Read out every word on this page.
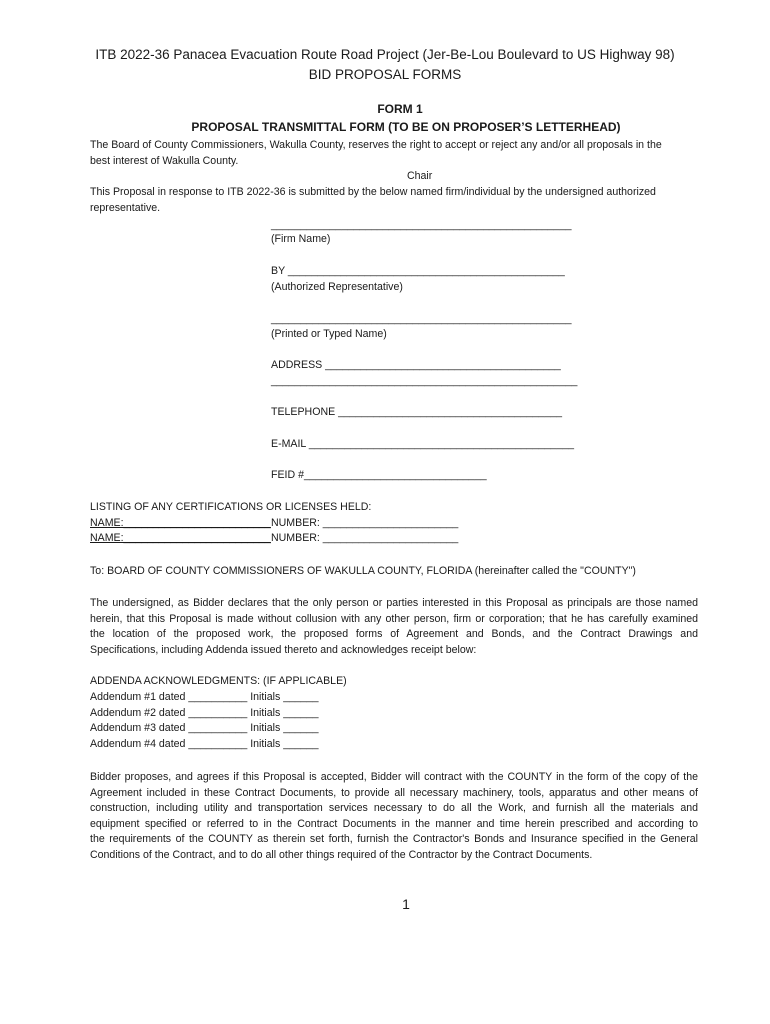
ITB 2022-36 Panacea Evacuation Route Road Project (Jer-Be-Lou Boulevard to US Highway 98)
BID PROPOSAL FORMS
FORM 1
PROPOSAL TRANSMITTAL FORM (TO BE ON PROPOSER’S LETTERHEAD)
The Board of County Commissioners, Wakulla County, reserves the right to accept or reject any and/or all proposals in the
best interest of Wakulla County.
Chair
This Proposal in response to ITB 2022-36 is submitted by the below named firm/individual by the undersigned authorized
representative.
___________________________________________________
(Firm Name)
BY _______________________________________________
(Authorized Representative)
___________________________________________________
(Printed or Typed Name)
ADDRESS ________________________________________
____________________________________________________
TELEPHONE ______________________________________
E-MAIL _____________________________________________
FEID #_______________________________
LISTING OF ANY CERTIFICATIONS OR LICENSES HELD:
NAME:_________________________ NUMBER: _______________________
NAME:_________________________ NUMBER: _______________________
To: BOARD OF COUNTY COMMISSIONERS OF WAKULLA COUNTY, FLORIDA (hereinafter called the "COUNTY")
The undersigned, as Bidder declares that the only person or parties interested in this Proposal as principals are those named
herein, that this Proposal is made without collusion with any other person, firm or corporation; that he has carefully examined
the location of the proposed work, the proposed forms of Agreement and Bonds, and the Contract Drawings and
Specifications, including Addenda issued thereto and acknowledges receipt below:
ADDENDA ACKNOWLEDGMENTS: (IF APPLICABLE)
Addendum #1 dated __________ Initials ______
Addendum #2 dated __________ Initials ______
Addendum #3 dated __________ Initials ______
Addendum #4 dated __________ Initials ______
Bidder proposes, and agrees if this Proposal is accepted, Bidder will contract with the COUNTY in the form of the copy of the
Agreement included in these Contract Documents, to provide all necessary machinery, tools, apparatus and other means of
construction, including utility and transportation services necessary to do all the Work, and furnish all the materials and
equipment specified or referred to in the Contract Documents in the manner and time herein prescribed and according to
the requirements of the COUNTY as therein set forth, furnish the Contractor's Bonds and Insurance specified in the General
Conditions of the Contract, and to do all other things required of the Contractor by the Contract Documents.
1
